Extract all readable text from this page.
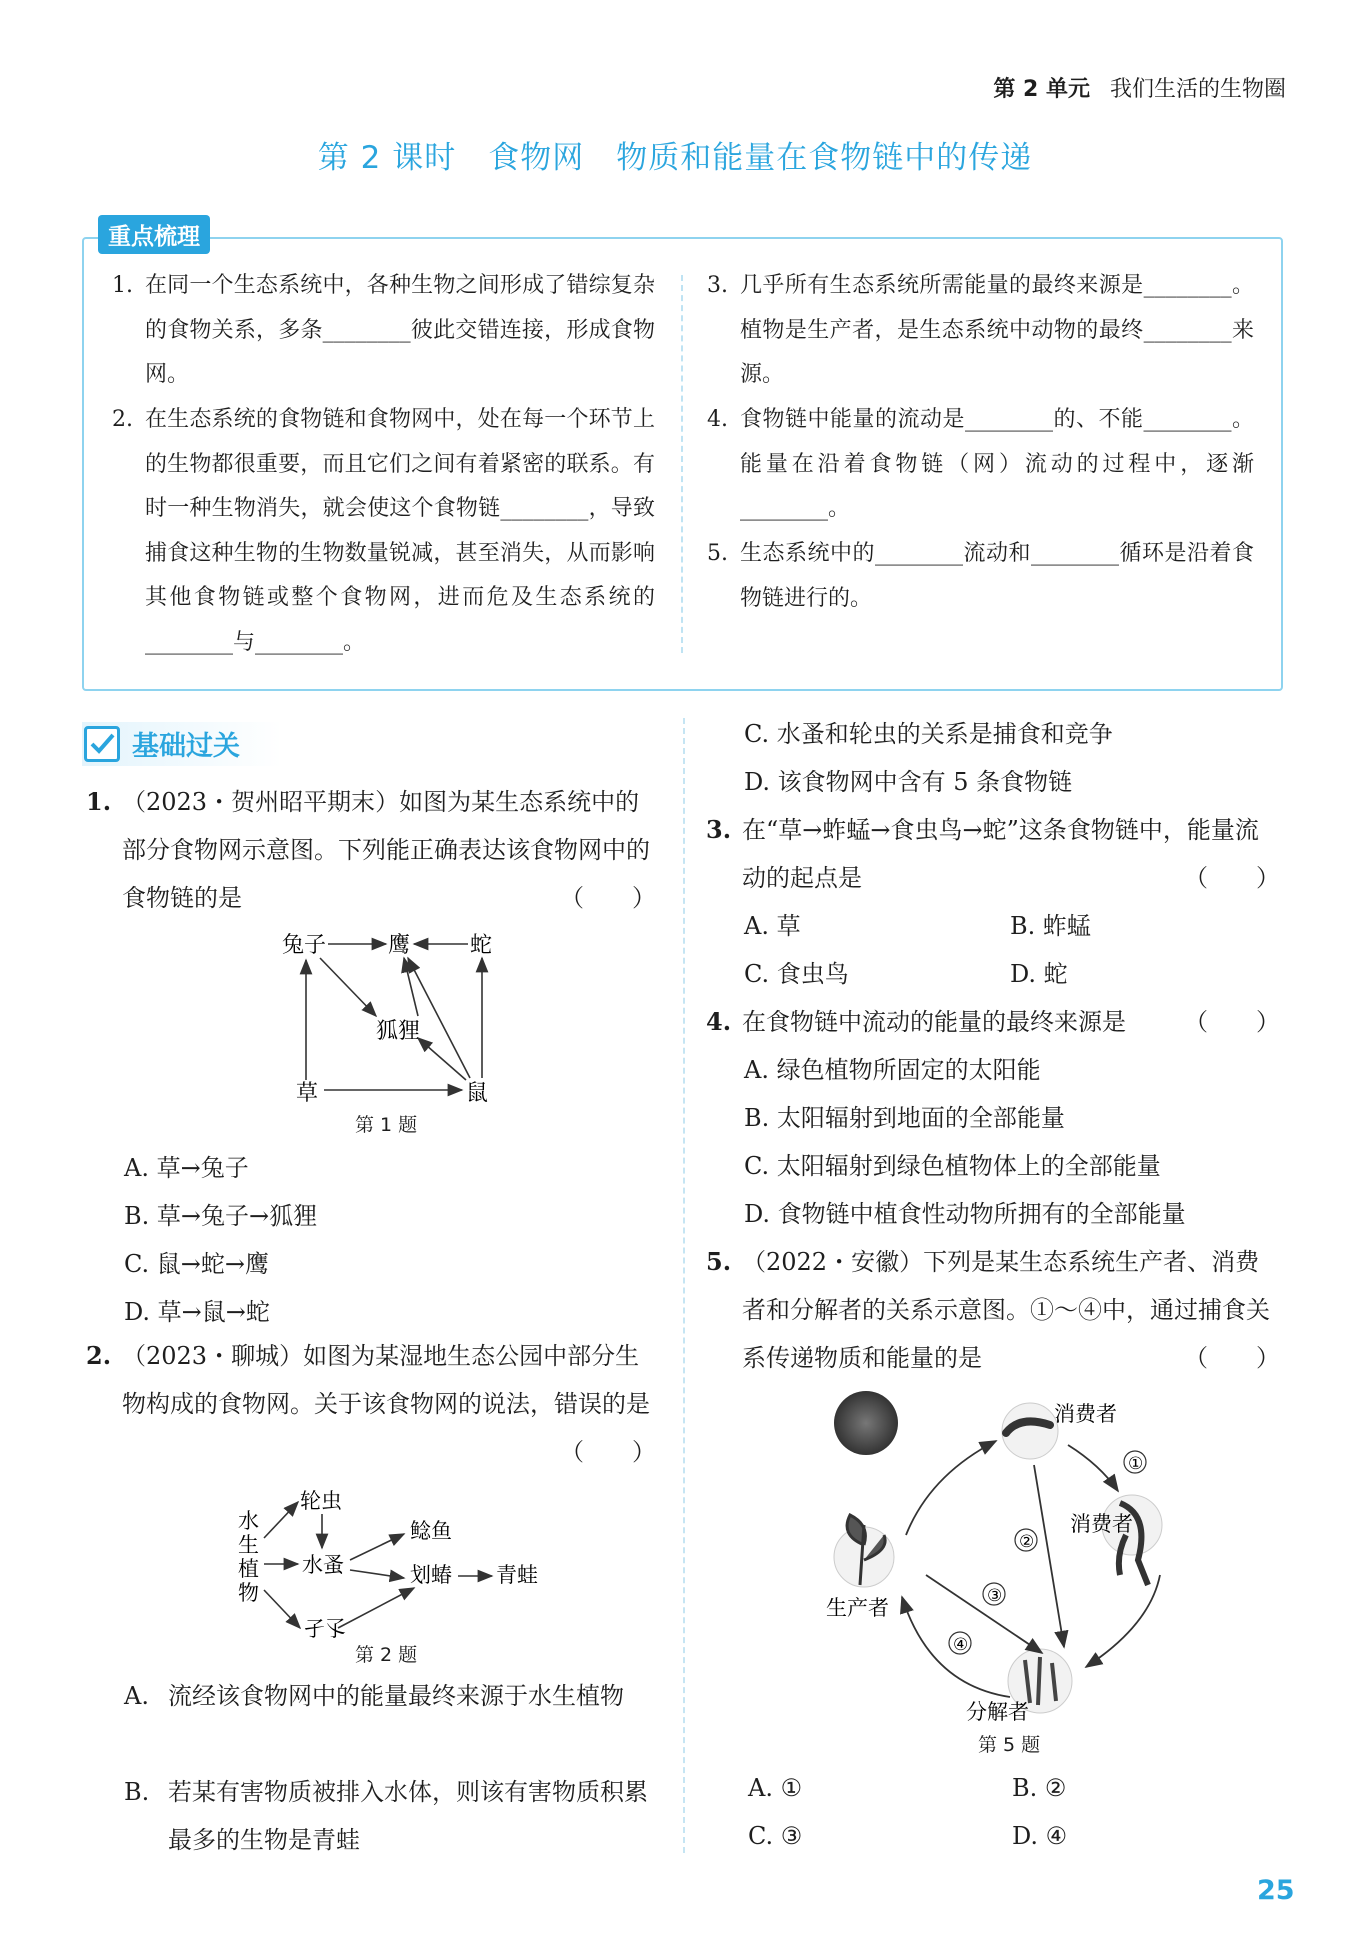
第 2 单元 我们生活的生物圈
第 2 课时　食物网　物质和能量在食物链中的传递
重点梳理
1. 在同一个生态系统中，各种生物之间形成了错综复杂的食物关系，多条________彼此交错连接，形成食物网。
2. 在生态系统的食物链和食物网中，处在每一个环节上的生物都很重要，而且它们之间有着紧密的联系。有时一种生物消失，就会使这个食物链________，导致捕食这种生物的生物数量锐减，甚至消失，从而影响其他食物链或整个食物网，进而危及生态系统的________与________。
3. 几乎所有生态系统所需能量的最终来源是________。植物是生产者，是生态系统中动物的最终________来源。
4. 食物链中能量的流动是________的、不能________。能量在沿着食物链（网）流动的过程中，逐渐________。
5. 生态系统中的________流动和________循环是沿着食物链进行的。
基础过关
1. （2023・贺州昭平期末）如图为某生态系统中的部分食物网示意图。下列能正确表达该食物网中的食物链的是	（　　）
兔子	鹰	蛇
狐狸
草	鼠
第 1 题
A. 草→兔子
B. 草→兔子→狐狸
C. 鼠→蛇→鹰
D. 草→鼠→蛇
2. （2023・聊城）如图为某湿地生态公园中部分生物构成的食物网。关于该食物网的说法，错误的是
（　　）
水
生
植
物
轮虫
水蚤
鲶鱼
划蝽 青蛙
孑孓
第 2 题
A. 流经该食物网中的能量最终来源于水生植物
B. 若某有害物质被排入水体，则该有害物质积累最多的生物是青蛙
C. 水蚤和轮虫的关系是捕食和竞争
D. 该食物网中含有 5 条食物链
3. 在“草→蚱蜢→食虫鸟→蛇”这条食物链中，能量流动的起点是	（　　）
A. 草	B. 蚱蜢
C. 食虫鸟	D. 蛇
4. 在食物链中流动的能量的最终来源是	（　　）
A. 绿色植物所固定的太阳能
B. 太阳辐射到地面的全部能量
C. 太阳辐射到绿色植物体上的全部能量
D. 食物链中植食性动物所拥有的全部能量
5. （2022・安徽）下列是某生态系统生产者、消费者和分解者的关系示意图。①～④中，通过捕食关系传递物质和能量的是	（　　）
消费者
消费者
生产者
分解者
①
②
③
④
第 5 题
A. ①	B. ②
C. ③	D. ④
25
